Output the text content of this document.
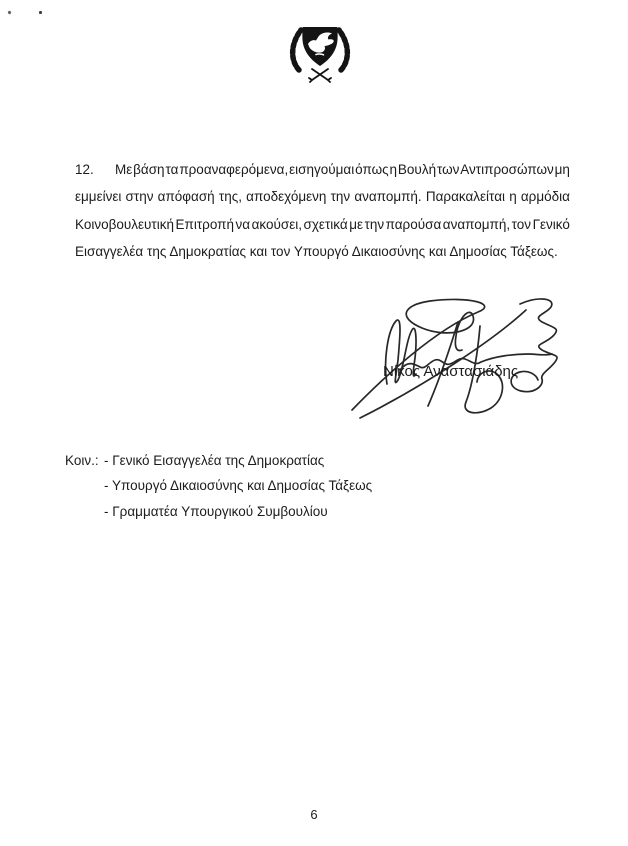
12. Με βάση τα προαναφερόμενα, εισηγούμαι όπως η Βουλή των Αντιπροσώπων μη
εμμείνει στην απόφασή της, αποδεχόμενη την αναπομπή. Παρακαλείται η αρμόδια
Κοινοβουλευτική Επιτροπή να ακούσει, σχετικά με την παρούσα αναπομπή, τον Γενικό
Εισαγγελέα της Δημοκρατίας και τον Υπουργό Δικαιοσύνης και Δημοσίας Τάξεως.
Νίκος Αναστασιάδης
Κοιν.: - Γενικό Εισαγγελέα της Δημοκρατίας
- Υπουργό Δικαιοσύνης και Δημοσίας Τάξεως
- Γραμματέα Υπουργικού Συμβουλίου
6
